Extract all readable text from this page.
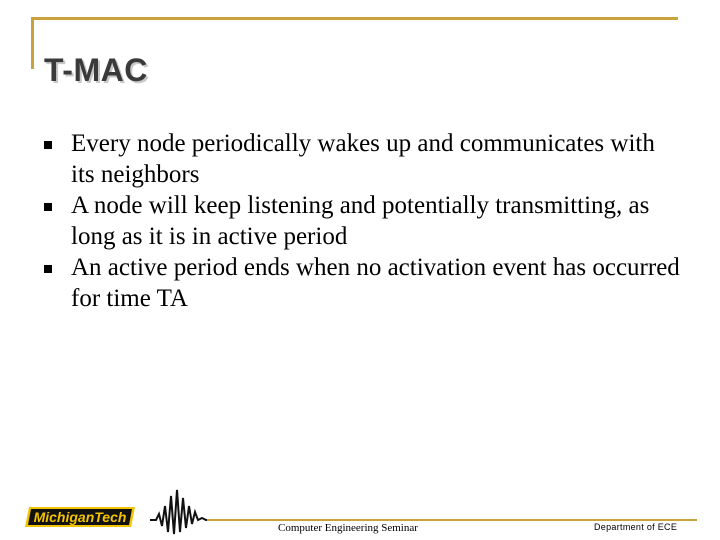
T-MAC
Every node periodically wakes up and communicates with its neighbors
A node will keep listening and potentially transmitting, as long as it is in active period
An active period ends when no activation event has occurred for time TA
MichiganTech
Computer Engineering Seminar	Department of ECE
